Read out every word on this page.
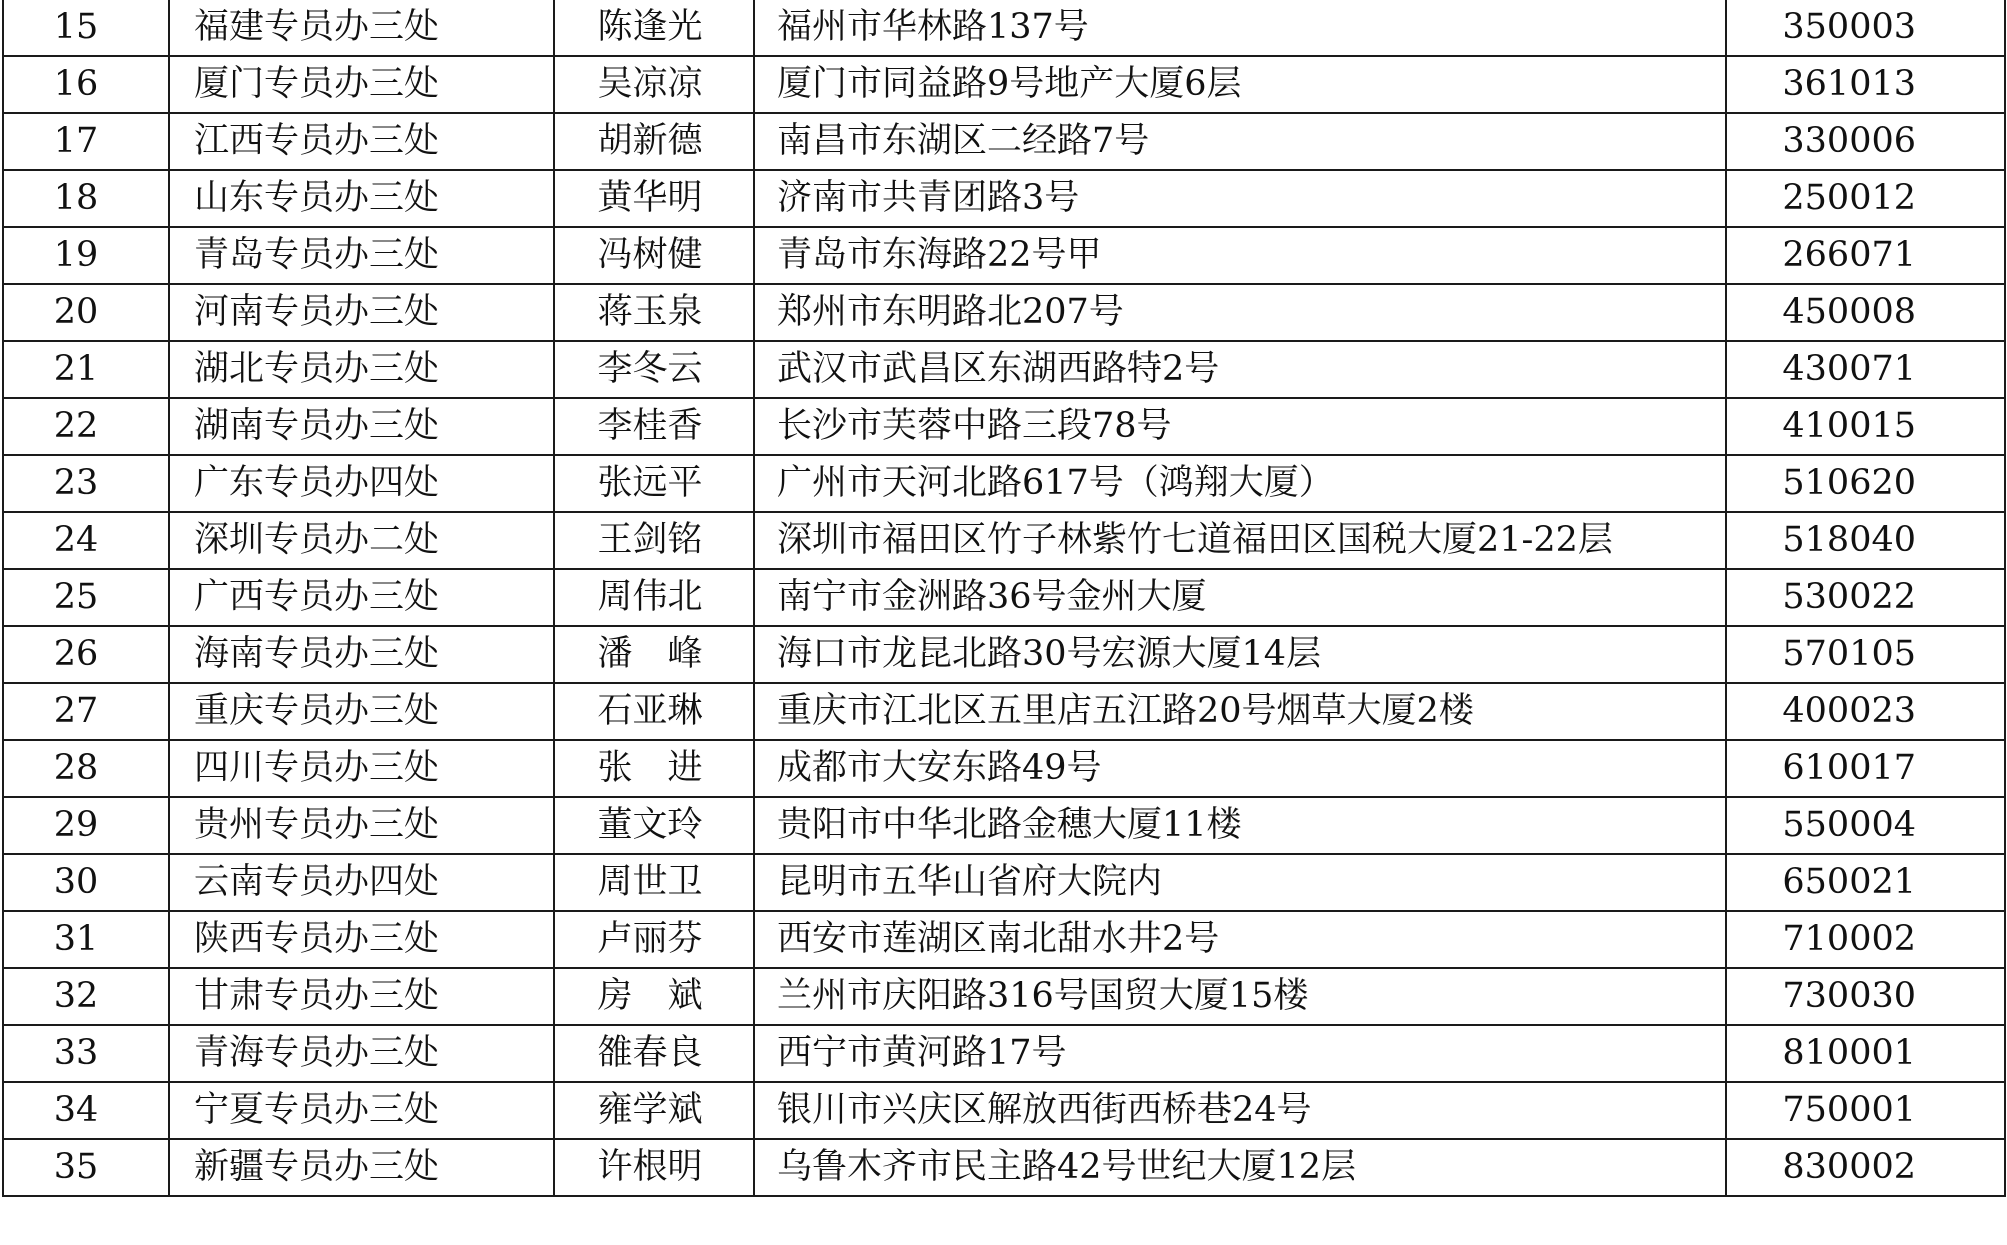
15	福建专员办三处	陈逢光	福州市华林路137号	350003
16	厦门专员办三处	吴凉凉	厦门市同益路9号地产大厦6层	361013
17	江西专员办三处	胡新德	南昌市东湖区二经路7号	330006
18	山东专员办三处	黄华明	济南市共青团路3号	250012
19	青岛专员办三处	冯树健	青岛市东海路22号甲	266071
20	河南专员办三处	蒋玉泉	郑州市东明路北207号	450008
21	湖北专员办三处	李冬云	武汉市武昌区东湖西路特2号	430071
22	湖南专员办三处	李桂香	长沙市芙蓉中路三段78号	410015
23	广东专员办四处	张远平	广州市天河北路617号（鸿翔大厦）	510620
24	深圳专员办二处	王剑铭	深圳市福田区竹子林紫竹七道福田区国税大厦21-22层	518040
25	广西专员办三处	周伟北	南宁市金洲路36号金州大厦	530022
26	海南专员办三处	潘　峰	海口市龙昆北路30号宏源大厦14层	570105
27	重庆专员办三处	石亚琳	重庆市江北区五里店五江路20号烟草大厦2楼	400023
28	四川专员办三处	张　进	成都市大安东路49号	610017
29	贵州专员办三处	董文玲	贵阳市中华北路金穗大厦11楼	550004
30	云南专员办四处	周世卫	昆明市五华山省府大院内	650021
31	陕西专员办三处	卢丽芬	西安市莲湖区南北甜水井2号	710002
32	甘肃专员办三处	房　斌	兰州市庆阳路316号国贸大厦15楼	730030
33	青海专员办三处	雒春良	西宁市黄河路17号	810001
34	宁夏专员办三处	雍学斌	银川市兴庆区解放西街西桥巷24号	750001
35	新疆专员办三处	许根明	乌鲁木齐市民主路42号世纪大厦12层	830002
